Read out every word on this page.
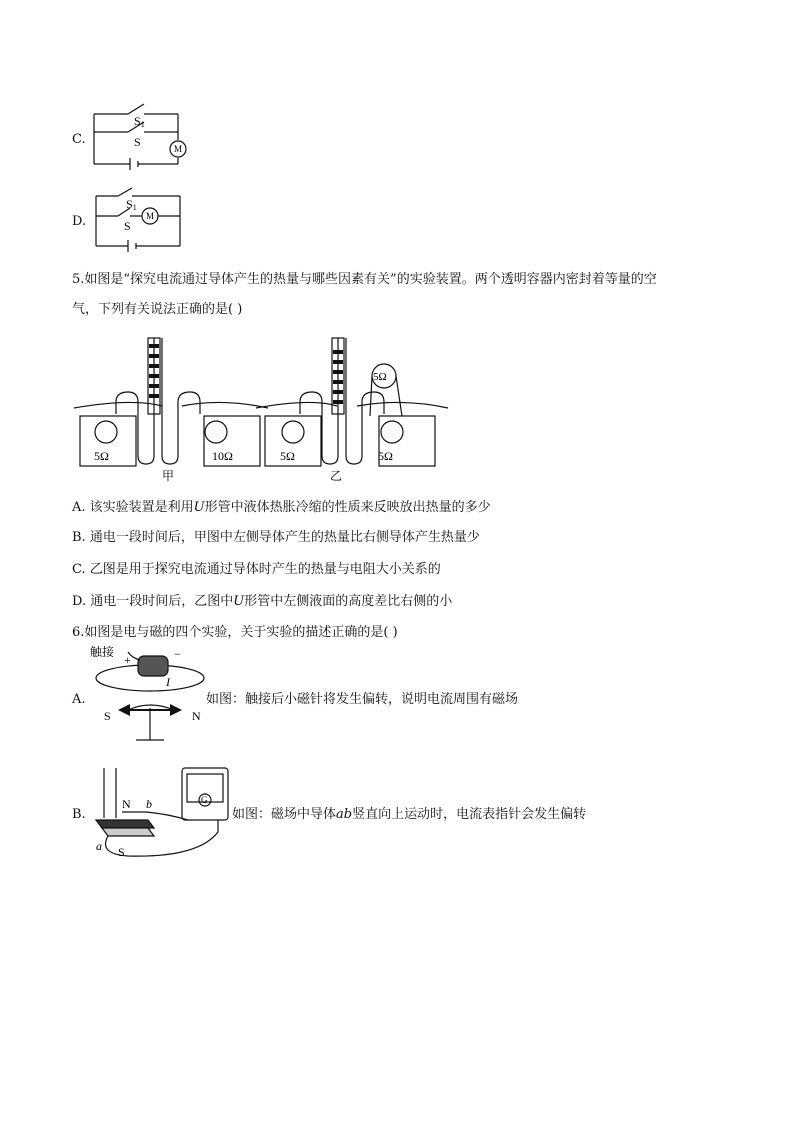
C.
S1
S	M
D.
S1
S
M
5.如图是“探究电流通过导体产生的热量与哪些因素有关”的实验装置。两个透明容器内密封着等量的空
气，下列有关说法正确的是( )
5Ω	10Ω
甲
5Ω	5Ω
5Ω
乙
A. 该实验装置是利用U形管中液体热胀冷缩的性质来反映放出热量的多少
B. 通电一段时间后，甲图中左侧导体产生的热量比右侧导体产生热量少
C. 乙图是用于探究电流通过导体时产生的热量与电阻大小关系的
D. 通电一段时间后，乙图中U形管中左侧液面的高度差比右侧的小
6.如图是电与磁的四个实验，关于实验的描述正确的是( )
A.
触接
+	−
I
S	N
如图：触接后小磁针将发生偏转，说明电流周围有磁场
B.
N
S
a
b	G
如图：磁场中导体ab竖直向上运动时，电流表指针会发生偏转
